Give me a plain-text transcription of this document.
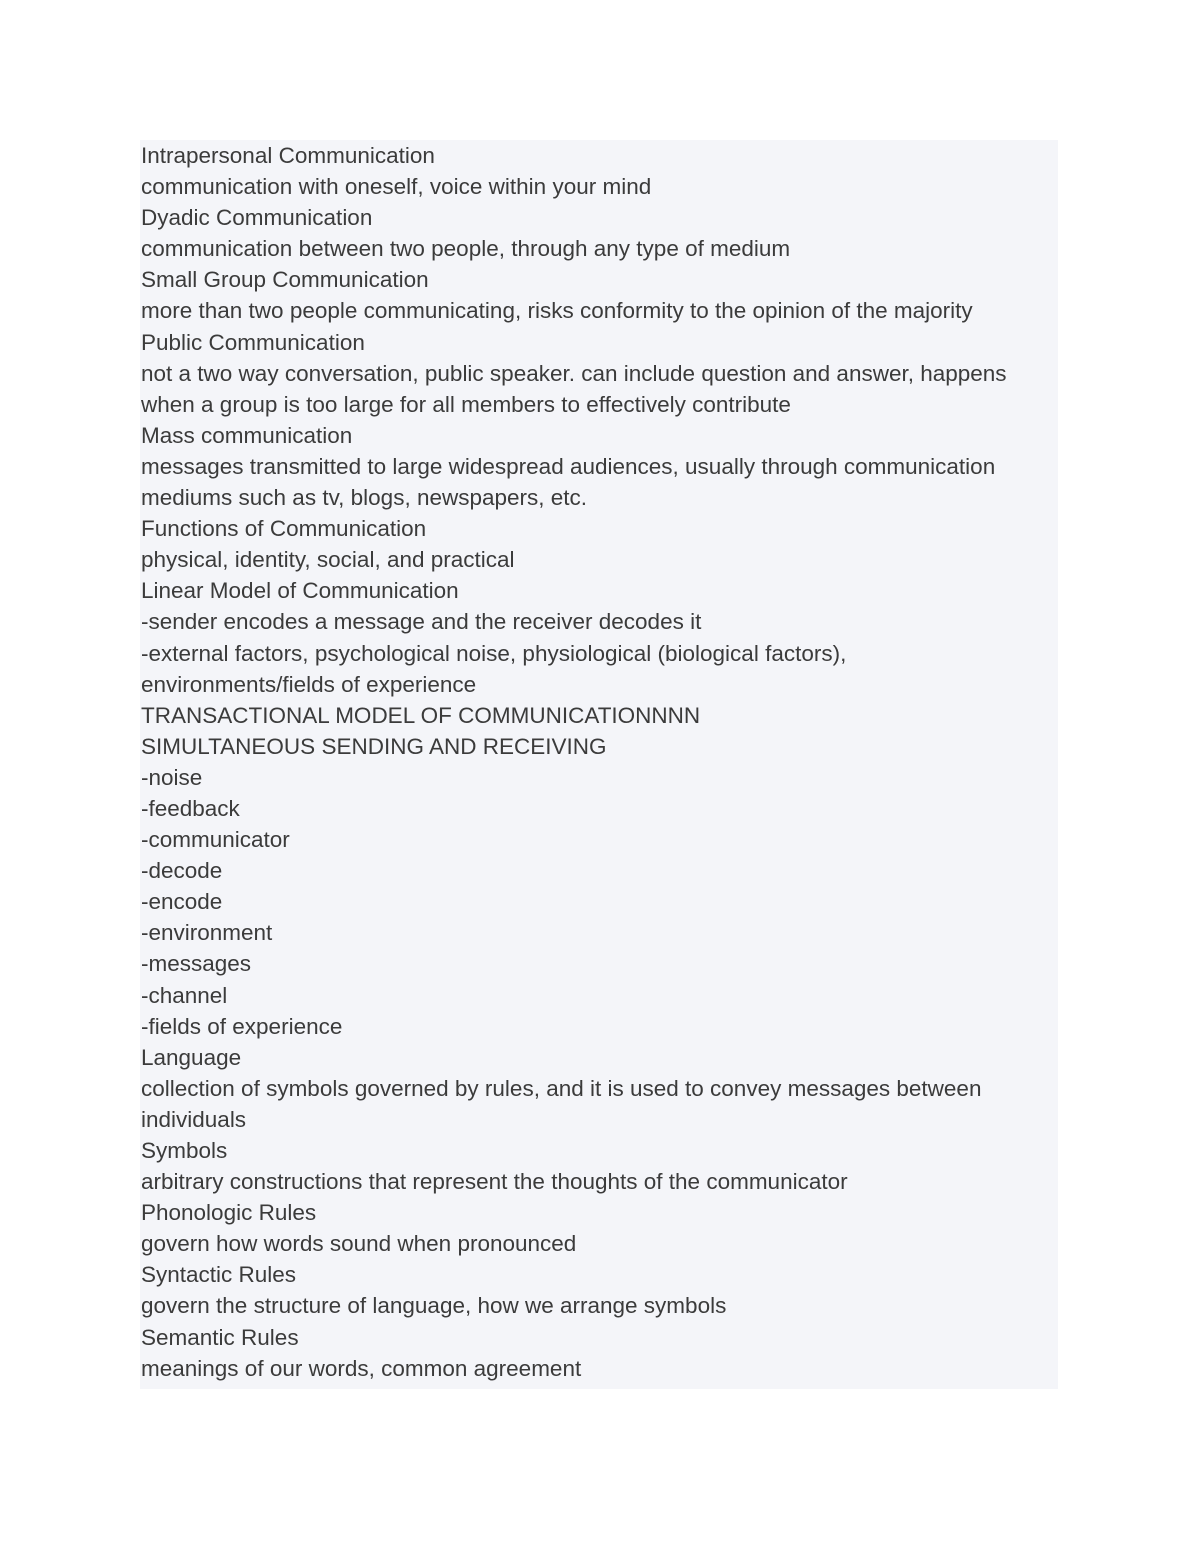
Intrapersonal Communication

communication with oneself, voice within your mind

Dyadic Communication

communication between two people, through any type of medium

Small Group Communication

more than two people communicating, risks conformity to the opinion of the majority

Public Communication

not a two way conversation, public speaker. can include question and answer, happens

when a group is too large for all members to effectively contribute

Mass communication

messages transmitted to large widespread audiences, usually through communication

mediums such as tv, blogs, newspapers, etc.

Functions of Communication

physical, identity, social, and practical

Linear Model of Communication

-sender encodes a message and the receiver decodes it

-external factors, psychological noise, physiological (biological factors),

environments/fields of experience

TRANSACTIONAL MODEL OF COMMUNICATIONNNN

SIMULTANEOUS SENDING AND RECEIVING

-noise

-feedback

-communicator

-decode

-encode

-environment

-messages

-channel

-fields of experience

Language

collection of symbols governed by rules, and it is used to convey messages between

individuals

Symbols

arbitrary constructions that represent the thoughts of the communicator

Phonologic Rules

govern how words sound when pronounced

Syntactic Rules

govern the structure of language, how we arrange symbols

Semantic Rules

meanings of our words, common agreement
